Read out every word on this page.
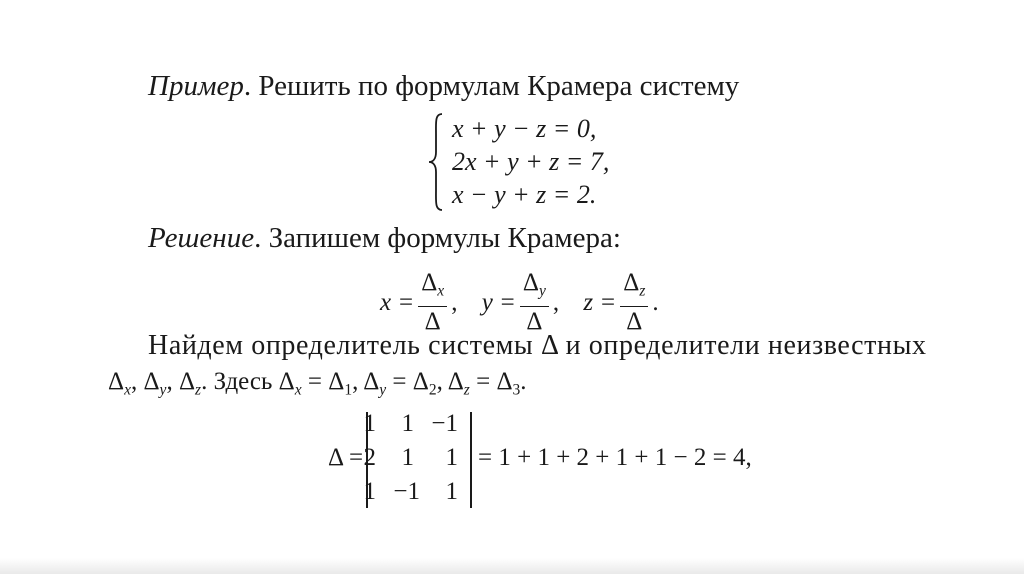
Пример. Решить по формулам Крамера систему
x + y − z = 0,
2x + y + z = 7,
x − y + z = 2.
Решение. Запишем формулы Крамера:
$x = \frac{\Delta_x}{\Delta}$ ,
$y = \frac{\Delta_y}{\Delta}$ ,
$z = \frac{\Delta_z}{\Delta}$ .
Найдем определитель системы Δ и определители неизвестных
$\Delta_x$, $\Delta_y$, $\Delta_z$. Здесь $\Delta_x = \Delta_1$, $\Delta_y = \Delta_2$, $\Delta_z = \Delta_3$.
Δ =
1	1 −1
2	1	1
1 −1	1
= 1 + 1 + 2 + 1 + 1 − 2 = 4,
